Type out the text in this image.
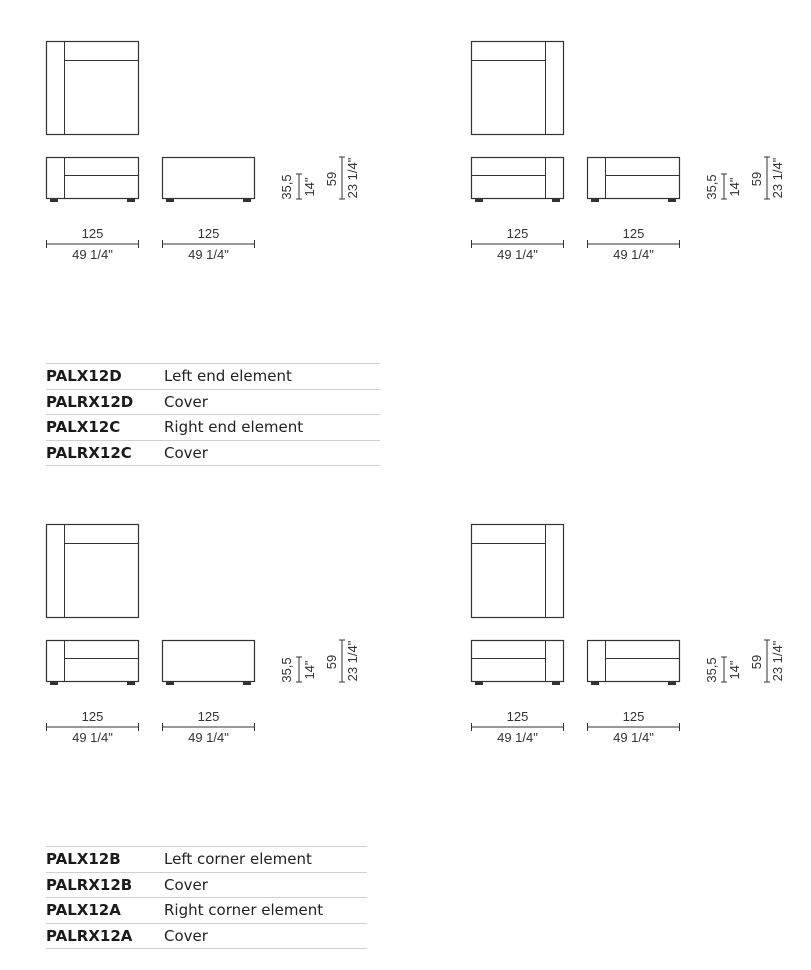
125
49 1/4"
125
49 1/4"
35,5 14" 59 23 1/4"
125
49 1/4"
125
49 1/4"
35,5 14" 59 23 1/4"
125
49 1/4"
125
49 1/4"
35,5 14" 59 23 1/4"
125
49 1/4"
125
49 1/4"
35,5 14" 59 23 1/4"
PALX12D	Left end element
PALRX12D	Cover
PALX12C	Right end element
PALRX12C	Cover
PALX12B	Left corner element
PALRX12B	Cover
PALX12A	Right corner element
PALRX12A	Cover
